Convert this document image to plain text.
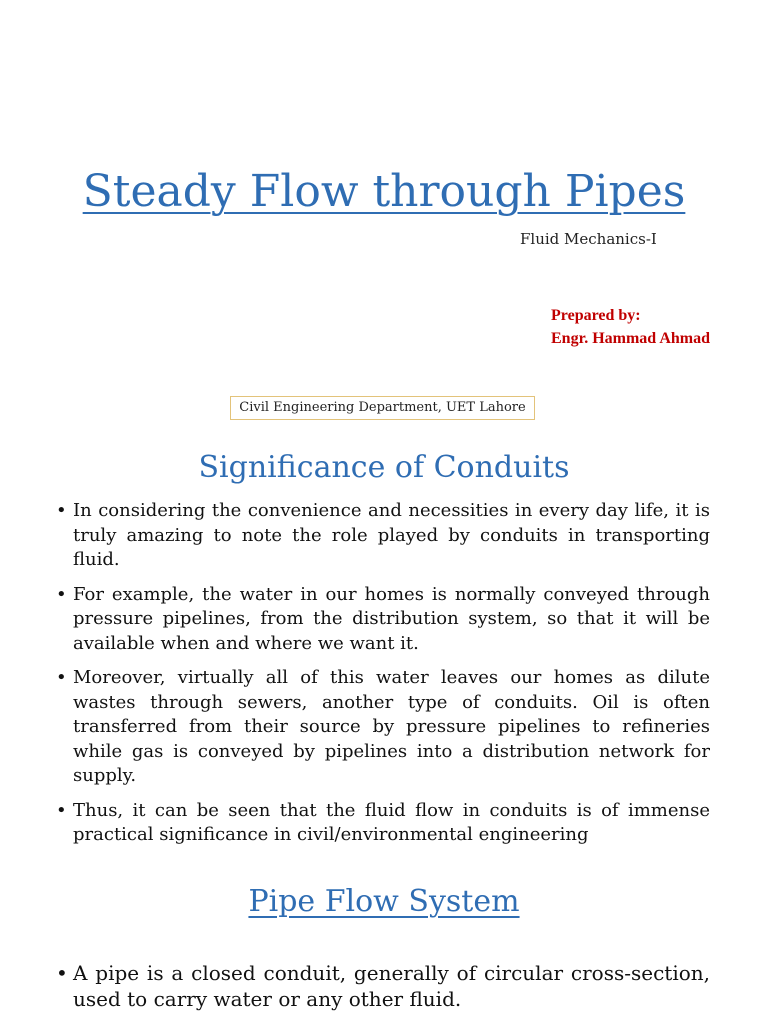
Steady Flow through Pipes
Fluid Mechanics-I
Prepared by:
Engr. Hammad Ahmad
Civil Engineering Department, UET Lahore
Significance of Conduits
• In considering the convenience and necessities in every day life, it is truly amazing to note the role played by conduits in transporting fluid.
• For example, the water in our homes is normally conveyed through pressure pipelines, from the distribution system, so that it will be available when and where we want it.
• Moreover, virtually all of this water leaves our homes as dilute wastes through sewers, another type of conduits. Oil is often transferred from their source by pressure pipelines to refineries while gas is conveyed by pipelines into a distribution network for supply.
• Thus, it can be seen that the fluid flow in conduits is of immense practical significance in civil/environmental engineering
Pipe Flow System
• A pipe is a closed conduit, generally of circular cross-section, used to carry water or any other fluid.
